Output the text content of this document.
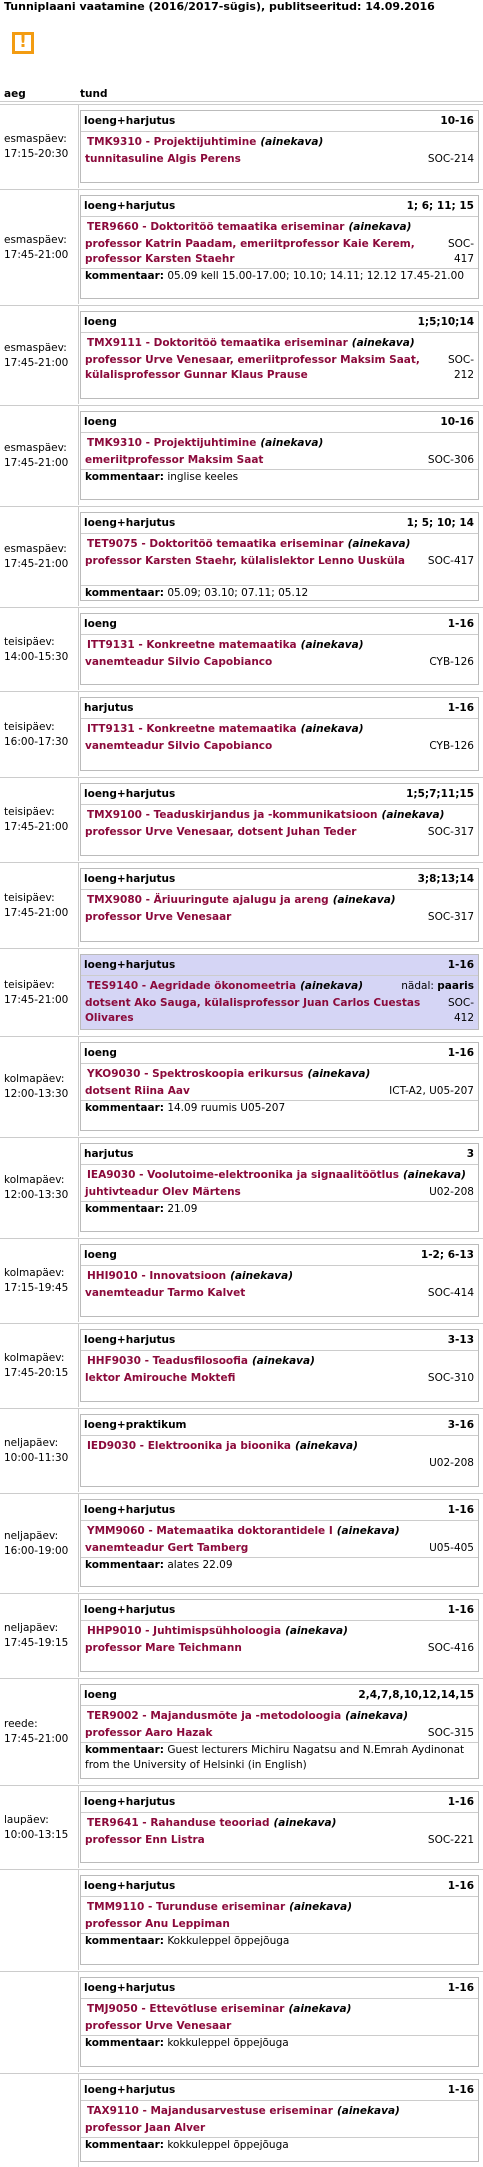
Tunniplaani vaatamine (2016/2017-sügis), publitseeritud: 14.09.2016
!
aeg	tund
esmaspäev:
17:15-20:30
loeng+harjutus	10-16
TMK9310 - Projektijuhtimine (ainekava)
tunnitasuline Algis Perens	SOC-214
esmaspäev:
17:45-21:00
loeng+harjutus	1; 6; 11; 15
TER9660 - Doktoritöö temaatika eriseminar (ainekava)
professor Katrin Paadam, emeriitprofessor Kaie Kerem, professor Karsten Staehr
SOC-
417
kommentaar: 05.09 kell 15.00-17.00; 10.10; 14.11; 12.12 17.45-21.00
esmaspäev:
17:45-21:00
loeng	1;5;10;14
TMX9111 - Doktoritöö temaatika eriseminar (ainekava)
professor Urve Venesaar, emeriitprofessor Maksim Saat, külalisprofessor Gunnar Klaus Prause
SOC-
212
esmaspäev:
17:45-21:00
loeng	10-16
TMK9310 - Projektijuhtimine (ainekava)
emeriitprofessor Maksim Saat	SOC-306
kommentaar: inglise keeles
esmaspäev:
17:45-21:00
loeng+harjutus	1; 5; 10; 14
TET9075 - Doktoritöö temaatika eriseminar (ainekava)
professor Karsten Staehr, külalislektor Lenno Uusküla	SOC-417
kommentaar: 05.09; 03.10; 07.11; 05.12
teisipäev:
14:00-15:30
loeng	1-16
ITT9131 - Konkreetne matemaatika (ainekava)
vanemteadur Silvio Capobianco	CYB-126
teisipäev:
16:00-17:30
harjutus	1-16
ITT9131 - Konkreetne matemaatika (ainekava)
vanemteadur Silvio Capobianco	CYB-126
teisipäev:
17:45-21:00
loeng+harjutus	1;5;7;11;15
TMX9100 - Teaduskirjandus ja -kommunikatsioon (ainekava)
professor Urve Venesaar, dotsent Juhan Teder	SOC-317
teisipäev:
17:45-21:00
loeng+harjutus	3;8;13;14
TMX9080 - Äriuuringute ajalugu ja areng (ainekava)
professor Urve Venesaar	SOC-317
teisipäev:
17:45-21:00
loeng+harjutus	1-16
TES9140 - Aegridade ökonomeetria (ainekava)	nädal: paaris
dotsent Ako Sauga, külalisprofessor Juan Carlos Cuestas Olivares
SOC-
412
kolmapäev:
12:00-13:30
loeng	1-16
YKO9030 - Spektroskoopia erikursus (ainekava)
dotsent Riina Aav	ICT-A2, U05-207
kommentaar: 14.09 ruumis U05-207
kolmapäev:
12:00-13:30
harjutus	3
IEA9030 - Voolutoime-elektroonika ja signaalitöötlus (ainekava)
juhtivteadur Olev Märtens	U02-208
kommentaar: 21.09
kolmapäev:
17:15-19:45
loeng	1-2; 6-13
HHI9010 - Innovatsioon (ainekava)
vanemteadur Tarmo Kalvet	SOC-414
kolmapäev:
17:45-20:15
loeng+harjutus	3-13
HHF9030 - Teadusfilosoofia (ainekava)
lektor Amirouche Moktefi	SOC-310
neljapäev:
10:00-11:30
loeng+praktikum	3-16
IED9030 - Elektroonika ja bioonika (ainekava)
U02-208
neljapäev:
16:00-19:00
loeng+harjutus	1-16
YMM9060 - Matemaatika doktorantidele I (ainekava)
vanemteadur Gert Tamberg	U05-405
kommentaar: alates 22.09
neljapäev:
17:45-19:15
loeng+harjutus	1-16
HHP9010 - Juhtimispsühholoogia (ainekava)
professor Mare Teichmann	SOC-416
reede:
17:45-21:00
loeng	2,4,7,8,10,12,14,15
TER9002 - Majandusmõte ja -metodoloogia (ainekava)
professor Aaro Hazak	SOC-315
kommentaar: Guest lecturers Michiru Nagatsu and N.Emrah Aydinonat from the University of Helsinki (in English)
laupäev:
10:00-13:15
loeng+harjutus	1-16
TER9641 - Rahanduse teooriad (ainekava)
professor Enn Listra	SOC-221
loeng+harjutus	1-16
TMM9110 - Turunduse eriseminar (ainekava)
professor Anu Leppiman
kommentaar: Kokkuleppel õppejõuga
loeng+harjutus	1-16
TMJ9050 - Ettevõtluse eriseminar (ainekava)
professor Urve Venesaar
kommentaar: kokkuleppel õppejõuga
loeng+harjutus	1-16
TAX9110 - Majandusarvestuse eriseminar (ainekava)
professor Jaan Alver
kommentaar: kokkuleppel õppejõuga
